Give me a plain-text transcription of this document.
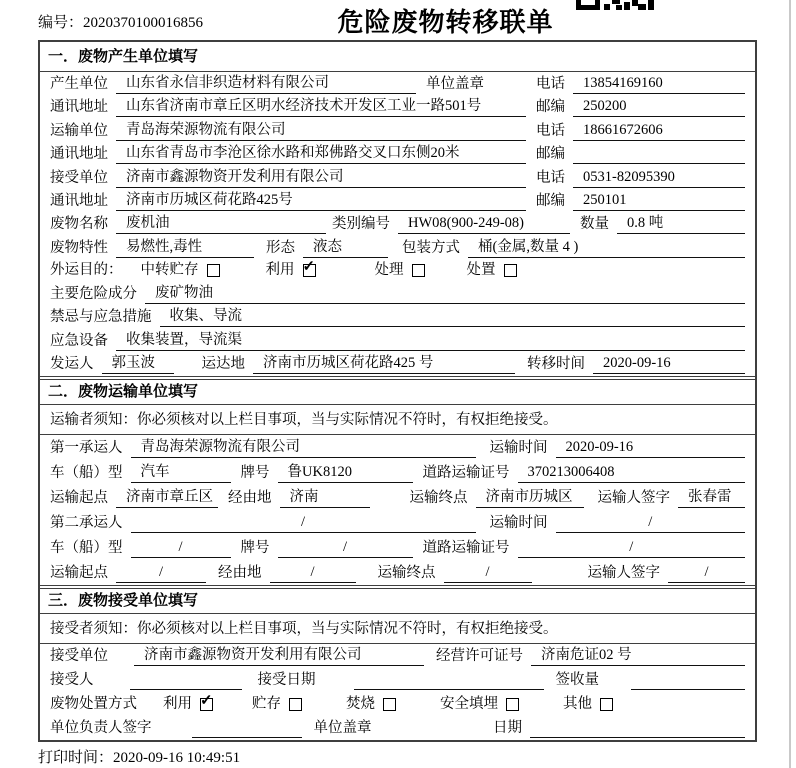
编号：2020370100016856	危险废物转移联单
一．废物产生单位填写
产生单位	山东省永信非织造材料有限公司	单位盖章	电话	13854169160
通讯地址	山东省济南市章丘区明水经济技术开发区工业一路501号	邮编	250200
运输单位	青岛海荣源物流有限公司	电话	18661672606
通讯地址	山东省青岛市李沧区徐水路和郑佛路交叉口东侧20米	邮编
接受单位	济南市鑫源物资开发利用有限公司	电话	0531-82095390
通讯地址	济南市历城区荷花路425号	邮编	250101
废物名称	废机油	类别编号	HW08(900-249-08)	数量	0.8 吨
废物特性	易燃性,毒性	形态	液态	包装方式	桶(金属,数量 4 )
外运目的：	中转贮存	利用 ✓	处理	处置
主要危险成分	废矿物油
禁忌与应急措施	收集、导流
应急设备	收集装置，导流渠
发运人	郭玉波	运达地	济南市历城区荷花路425 号	转移时间	2020-09-16
二．废物运输单位填写
运输者须知：你必须核对以上栏目事项，当与实际情况不符时，有权拒绝接受。
第一承运人	青岛海荣源物流有限公司	运输时间	2020-09-16
车（船）型	汽车	牌号	鲁UK8120	道路运输证号	370213006408
运输起点	济南市章丘区	经由地	济南	运输终点	济南市历城区	运输人签字	张春雷
第二承运人	/	运输时间	/
车（船）型	/	牌号	/	道路运输证号	/
运输起点	/	经由地	/	运输终点	/	运输人签字	/
三．废物接受单位填写
接受者须知：你必须核对以上栏目事项，当与实际情况不符时，有权拒绝接受。
接受单位	济南市鑫源物资开发利用有限公司	经营许可证号	济南危证02 号
接受人	接受日期	签收量
废物处置方式	利用 ✓	贮存	焚烧	安全填埋	其他
单位负责人签字	单位盖章	日期
打印时间：2020-09-16 10:49:51
